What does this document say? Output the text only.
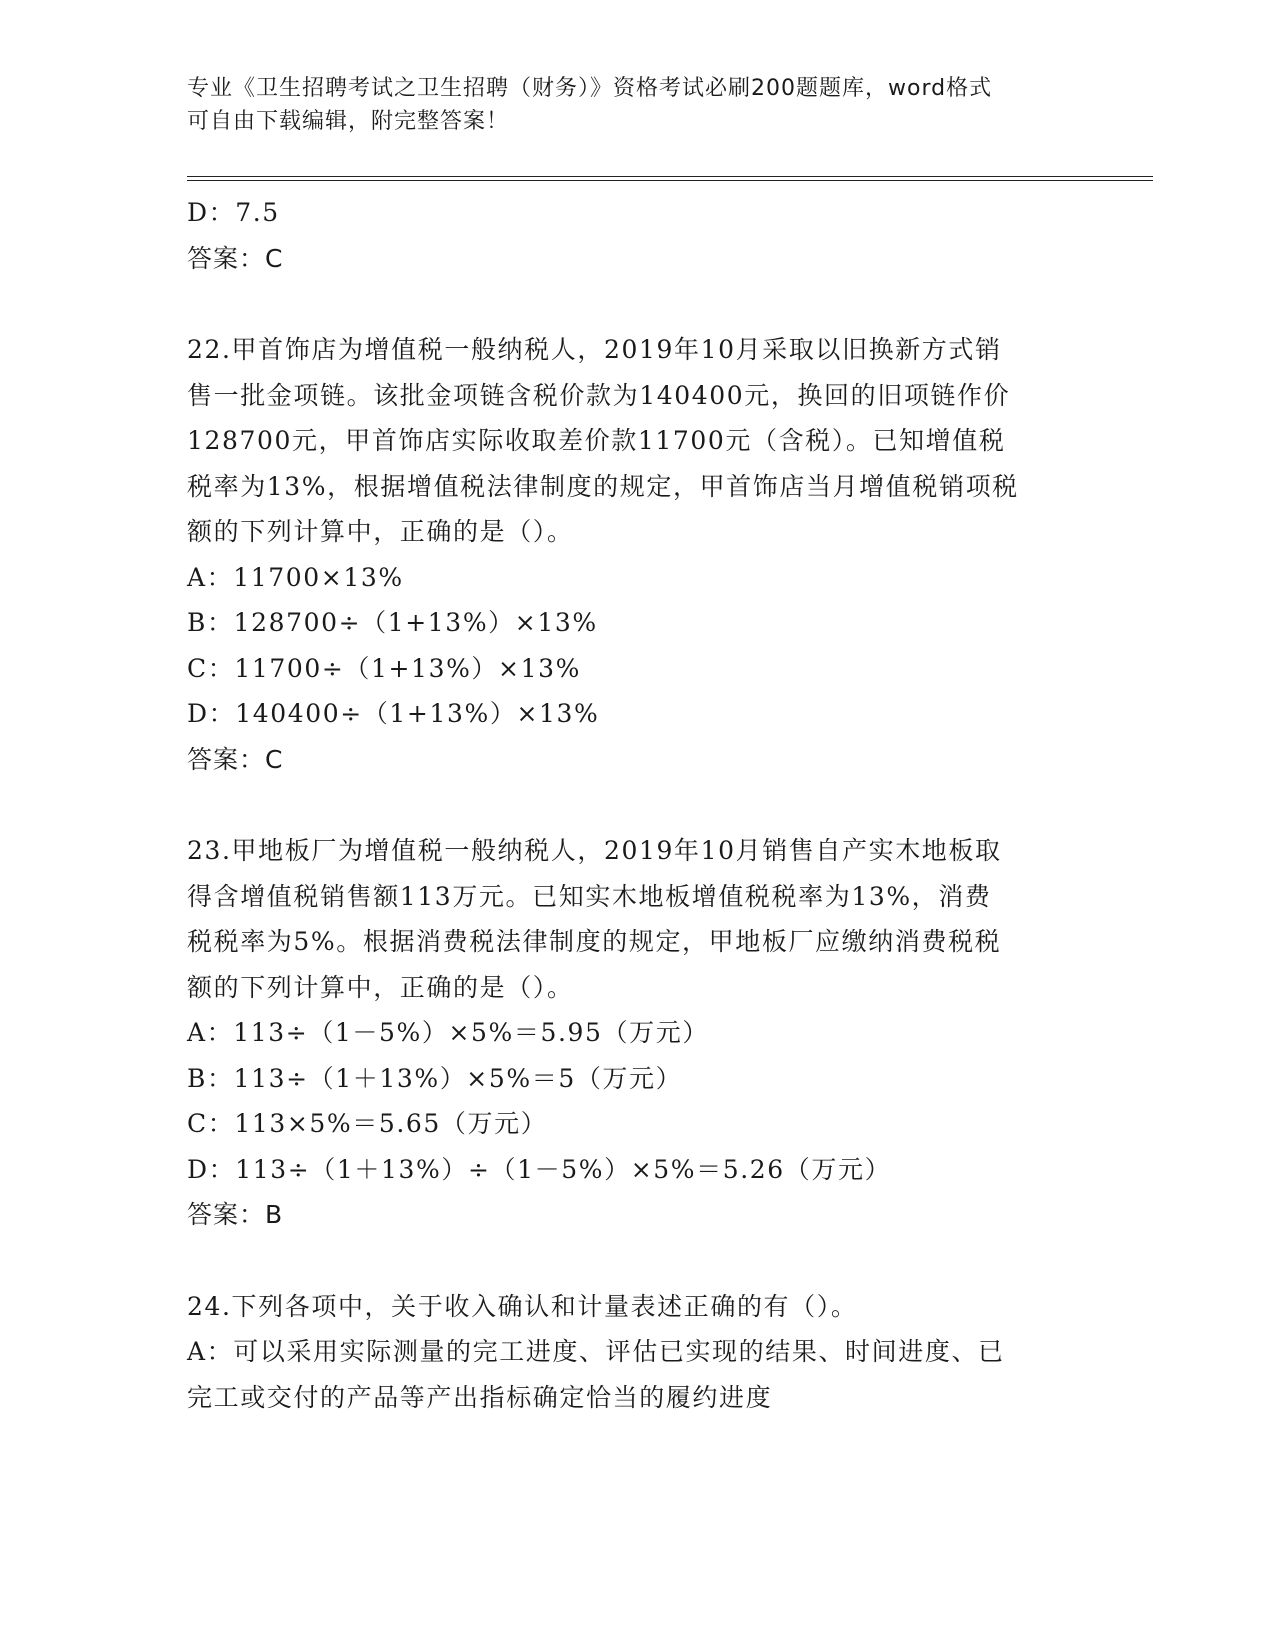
专业《卫生招聘考试之卫生招聘（财务）》资格考试必刷200题题库，word格式
可自由下载编辑，附完整答案！
D：7.5
答案：C
22.甲首饰店为增值税一般纳税人，2019年10月采取以旧换新方式销
售一批金项链。该批金项链含税价款为140400元，换回的旧项链作价
128700元，甲首饰店实际收取差价款11700元（含税）。已知增值税
税率为13%，根据增值税法律制度的规定，甲首饰店当月增值税销项税
额的下列计算中，正确的是（）。
A：11700×13%
B：128700÷（1+13%）×13%
C：11700÷（1+13%）×13%
D：140400÷（1+13%）×13%
答案：C
23.甲地板厂为增值税一般纳税人，2019年10月销售自产实木地板取
得含增值税销售额113万元。已知实木地板增值税税率为13%，消费
税税率为5%。根据消费税法律制度的规定，甲地板厂应缴纳消费税税
额的下列计算中，正确的是（）。
A：113÷（1－5%）×5%＝5.95（万元）
B：113÷（1＋13%）×5%＝5（万元）
C：113×5%＝5.65（万元）
D：113÷（1＋13%）÷（1－5%）×5%＝5.26（万元）
答案：B
24.下列各项中，关于收入确认和计量表述正确的有（）。
A：可以采用实际测量的完工进度、评估已实现的结果、时间进度、已
完工或交付的产品等产出指标确定恰当的履约进度
